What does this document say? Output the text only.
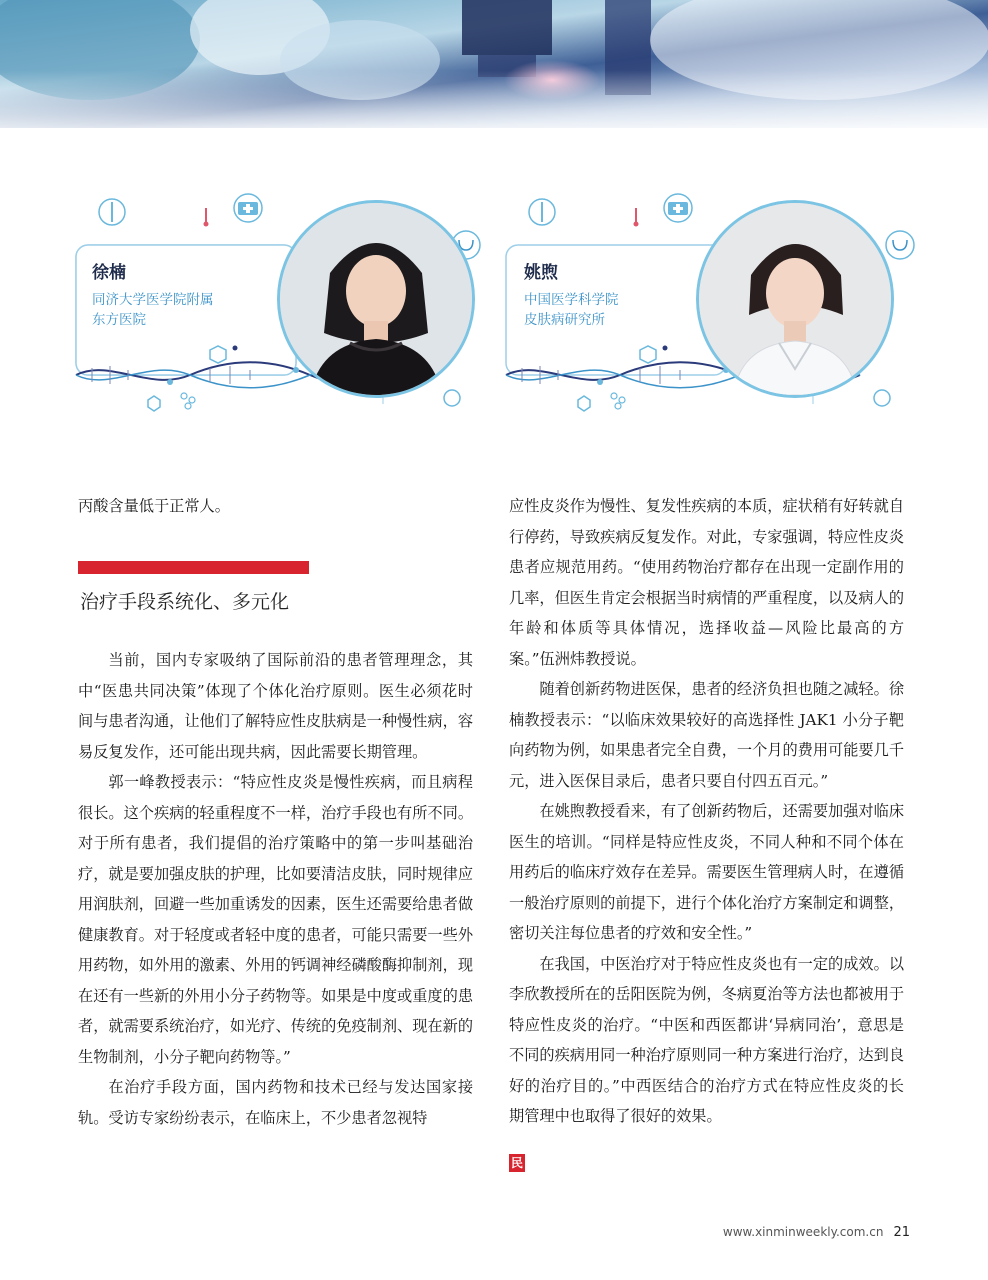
徐楠
同济大学医学院附属
东方医院
姚煦
中国医学科学院
皮肤病研究所

丙酸含量低于正常人。

治疗手段系统化、多元化

当前，国内专家吸纳了国际前沿的患者管理理念，其中“医患共同决策”体现了个体化治疗原则。医生必须花时间与患者沟通，让他们了解特应性皮肤病是一种慢性病，容易反复发作，还可能出现共病，因此需要长期管理。

郭一峰教授表示：“特应性皮炎是慢性疾病，而且病程很长。这个疾病的轻重程度不一样，治疗手段也有所不同。对于所有患者，我们提倡的治疗策略中的第一步叫基础治疗，就是要加强皮肤的护理，比如要清洁皮肤，同时规律应用润肤剂，回避一些加重诱发的因素，医生还需要给患者做健康教育。对于轻度或者轻中度的患者，可能只需要一些外用药物，如外用的激素、外用的钙调神经磷酸酶抑制剂，现在还有一些新的外用小分子药物等。如果是中度或重度的患者，就需要系统治疗，如光疗、传统的免疫制剂、现在新的生物制剂，小分子靶向药物等。”

在治疗手段方面，国内药物和技术已经与发达国家接轨。受访专家纷纷表示，在临床上，不少患者忽视特

应性皮炎作为慢性、复发性疾病的本质，症状稍有好转就自行停药，导致疾病反复发作。对此，专家强调，特应性皮炎患者应规范用药。“使用药物治疗都存在出现一定副作用的几率，但医生肯定会根据当时病情的严重程度，以及病人的年龄和体质等具体情况，选择收益—风险比最高的方案。”伍洲炜教授说。

随着创新药物进医保，患者的经济负担也随之减轻。徐楠教授表示：“以临床效果较好的高选择性 JAK1 小分子靶向药物为例，如果患者完全自费，一个月的费用可能要几千元，进入医保目录后，患者只要自付四五百元。”

在姚煦教授看来，有了创新药物后，还需要加强对临床医生的培训。“同样是特应性皮炎，不同人种和不同个体在用药后的临床疗效存在差异。需要医生管理病人时，在遵循一般治疗原则的前提下，进行个体化治疗方案制定和调整，密切关注每位患者的疗效和安全性。”

在我国，中医治疗对于特应性皮炎也有一定的成效。以李欣教授所在的岳阳医院为例，冬病夏治等方法也都被用于特应性皮炎的治疗。“中医和西医都讲‘异病同治’，意思是不同的疾病用同一种治疗原则同一种方案进行治疗，达到良好的治疗目的。”中西医结合的治疗方式在特应性皮炎的长期管理中也取得了很好的效果。

民
www.xinminweekly.com.cn 21
